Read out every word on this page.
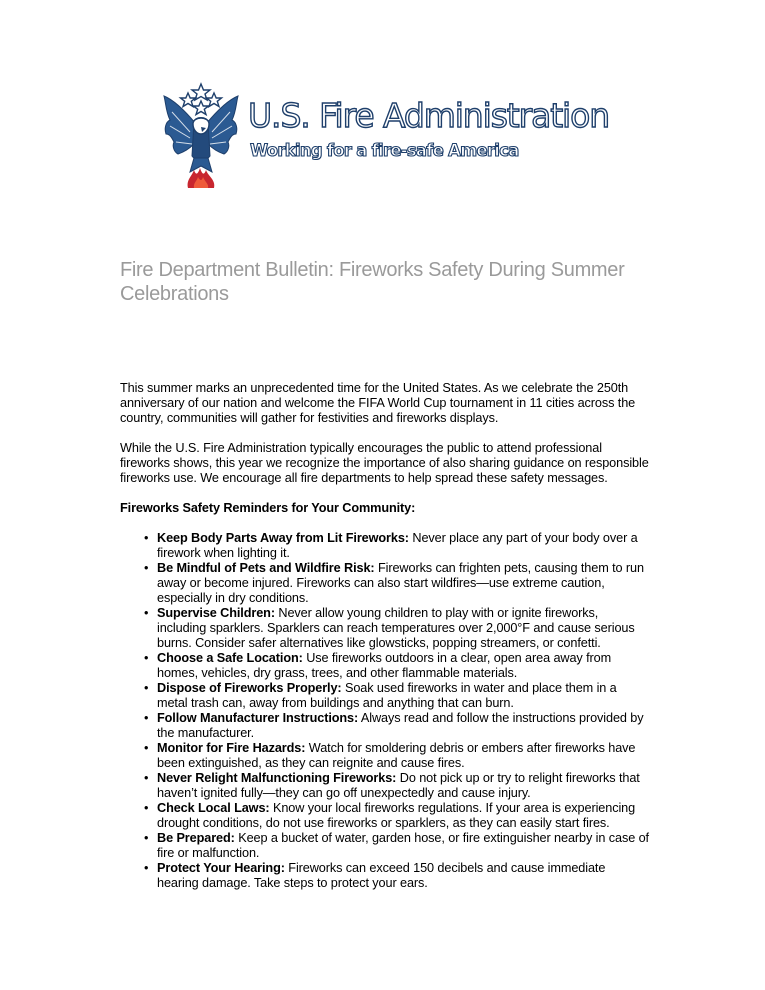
U.S. Fire Administration
Working for a fire-safe America
Fire Department Bulletin: Fireworks Safety During Summer Celebrations

This summer marks an unprecedented time for the United States. As we celebrate the 250th anniversary of our nation and welcome the FIFA World Cup tournament in 11 cities across the country, communities will gather for festivities and fireworks displays.

While the U.S. Fire Administration typically encourages the public to attend professional fireworks shows, this year we recognize the importance of also sharing guidance on responsible fireworks use. We encourage all fire departments to help spread these safety messages.

Fireworks Safety Reminders for Your Community:

• Keep Body Parts Away from Lit Fireworks: Never place any part of your body over a firework when lighting it.
• Be Mindful of Pets and Wildfire Risk: Fireworks can frighten pets, causing them to run away or become injured. Fireworks can also start wildfires—use extreme caution, especially in dry conditions.
• Supervise Children: Never allow young children to play with or ignite fireworks, including sparklers. Sparklers can reach temperatures over 2,000°F and cause serious burns. Consider safer alternatives like glowsticks, popping streamers, or confetti.
• Choose a Safe Location: Use fireworks outdoors in a clear, open area away from homes, vehicles, dry grass, trees, and other flammable materials.
• Dispose of Fireworks Properly: Soak used fireworks in water and place them in a metal trash can, away from buildings and anything that can burn.
• Follow Manufacturer Instructions: Always read and follow the instructions provided by the manufacturer.
• Monitor for Fire Hazards: Watch for smoldering debris or embers after fireworks have been extinguished, as they can reignite and cause fires.
• Never Relight Malfunctioning Fireworks: Do not pick up or try to relight fireworks that haven’t ignited fully—they can go off unexpectedly and cause injury.
• Check Local Laws: Know your local fireworks regulations. If your area is experiencing drought conditions, do not use fireworks or sparklers, as they can easily start fires.
• Be Prepared: Keep a bucket of water, garden hose, or fire extinguisher nearby in case of fire or malfunction.
• Protect Your Hearing: Fireworks can exceed 150 decibels and cause immediate hearing damage. Take steps to protect your ears.
